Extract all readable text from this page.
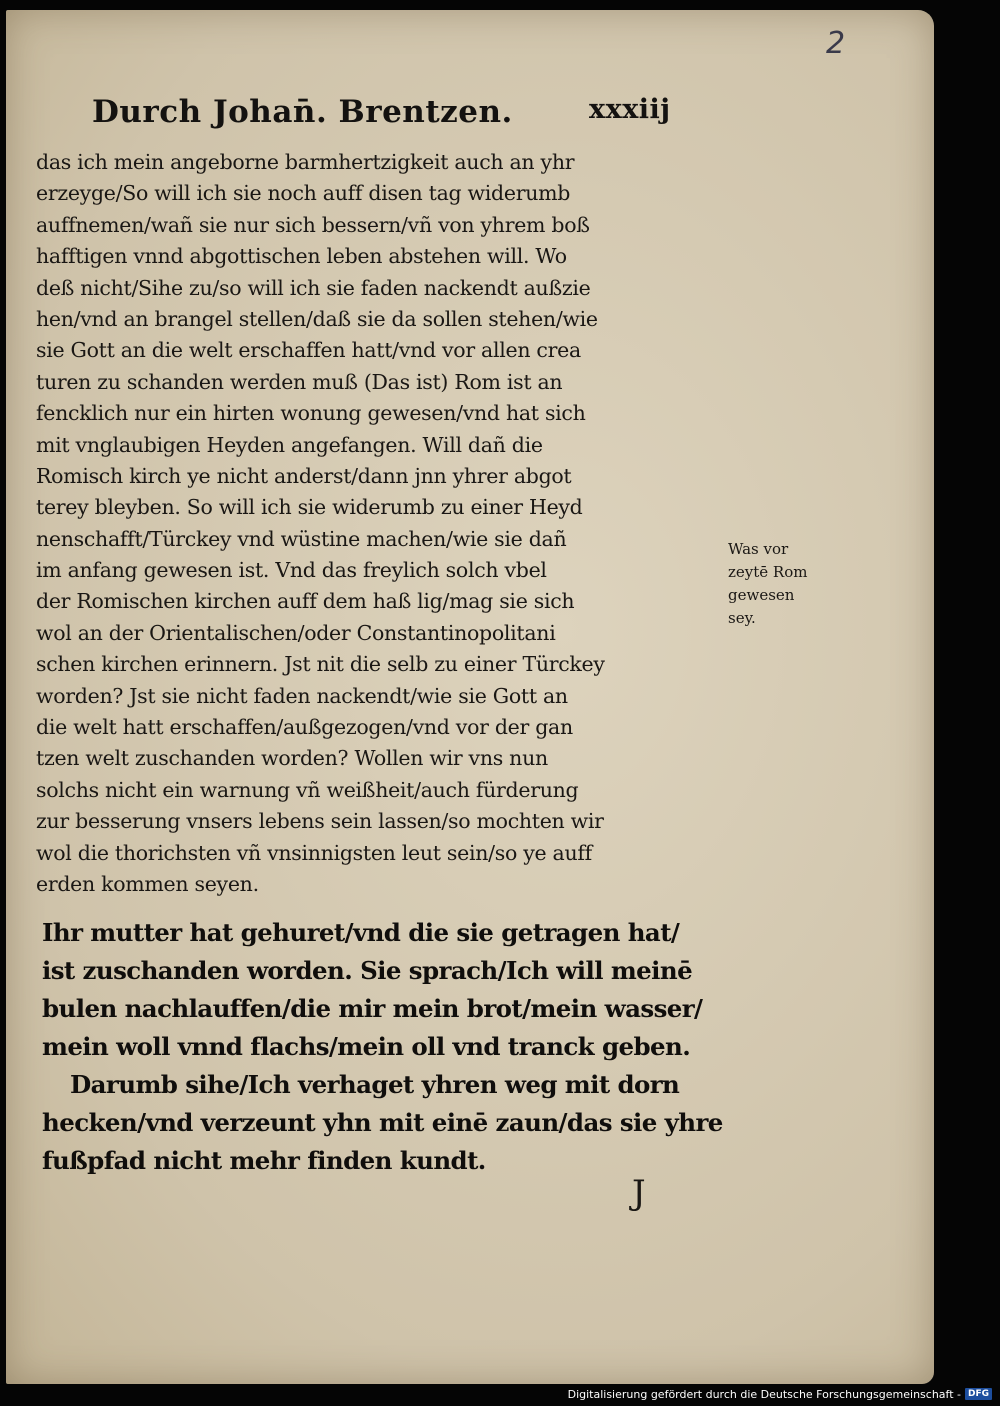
2
Durch Johan̄. Brentzen.	xxxiij
das ich mein angeborne barmhertzigkeit auch an yhr
erzeyge/So will ich sie noch auff disen tag widerumb
auffnemen/wañ sie nur sich bessern/vñ von yhrem boß
hafftigen vnnd abgottischen leben abstehen will. Wo
deß nicht/Sihe zu/so will ich sie faden nackendt außzie
hen/vnd an brangel stellen/daß sie da sollen stehen/wie
sie Gott an die welt erschaffen hatt/vnd vor allen crea
turen zu schanden werden muß (Das ist) Rom ist an
fencklich nur ein hirten wonung gewesen/vnd hat sich
mit vnglaubigen Heyden angefangen. Will dañ die
Romisch kirch ye nicht anderst/dann jnn yhrer abgot
terey bleyben. So will ich sie widerumb zu einer Heyd
nenschafft/Türckey vnd wüstine machen/wie sie dañ
im anfang gewesen ist. Vnd das freylich solch vbel
der Romischen kirchen auff dem haß lig/mag sie sich
wol an der Orientalischen/oder Constantinopolitani
schen kirchen erinnern. Jst nit die selb zu einer Türckey
worden? Jst sie nicht faden nackendt/wie sie Gott an
die welt hatt erschaffen/außgezogen/vnd vor der gan
tzen welt zuschanden worden? Wollen wir vns nun
solchs nicht ein warnung vñ weißheit/auch fürderung
zur besserung vnsers lebens sein lassen/so mochten wir
wol die thorichsten vñ vnsinnigsten leut sein/so ye auff
erden kommen seyen.
Was vor
zeytē Rom
gewesen
sey.
Ihr mutter hat gehuret/vnd die sie getragen hat/
ist zuschanden worden. Sie sprach/Ich will meinē
bulen nachlauffen/die mir mein brot/mein wasser/
mein woll vnnd flachs/mein oll vnd tranck geben.
Darumb sihe/Ich verhaget yhren weg mit dorn
hecken/vnd verzeunt yhn mit einē zaun/das sie yhre
fußpfad nicht mehr finden kundt.
J
Digitalisierung gefördert durch die Deutsche Forschungsgemeinschaft - DFG
